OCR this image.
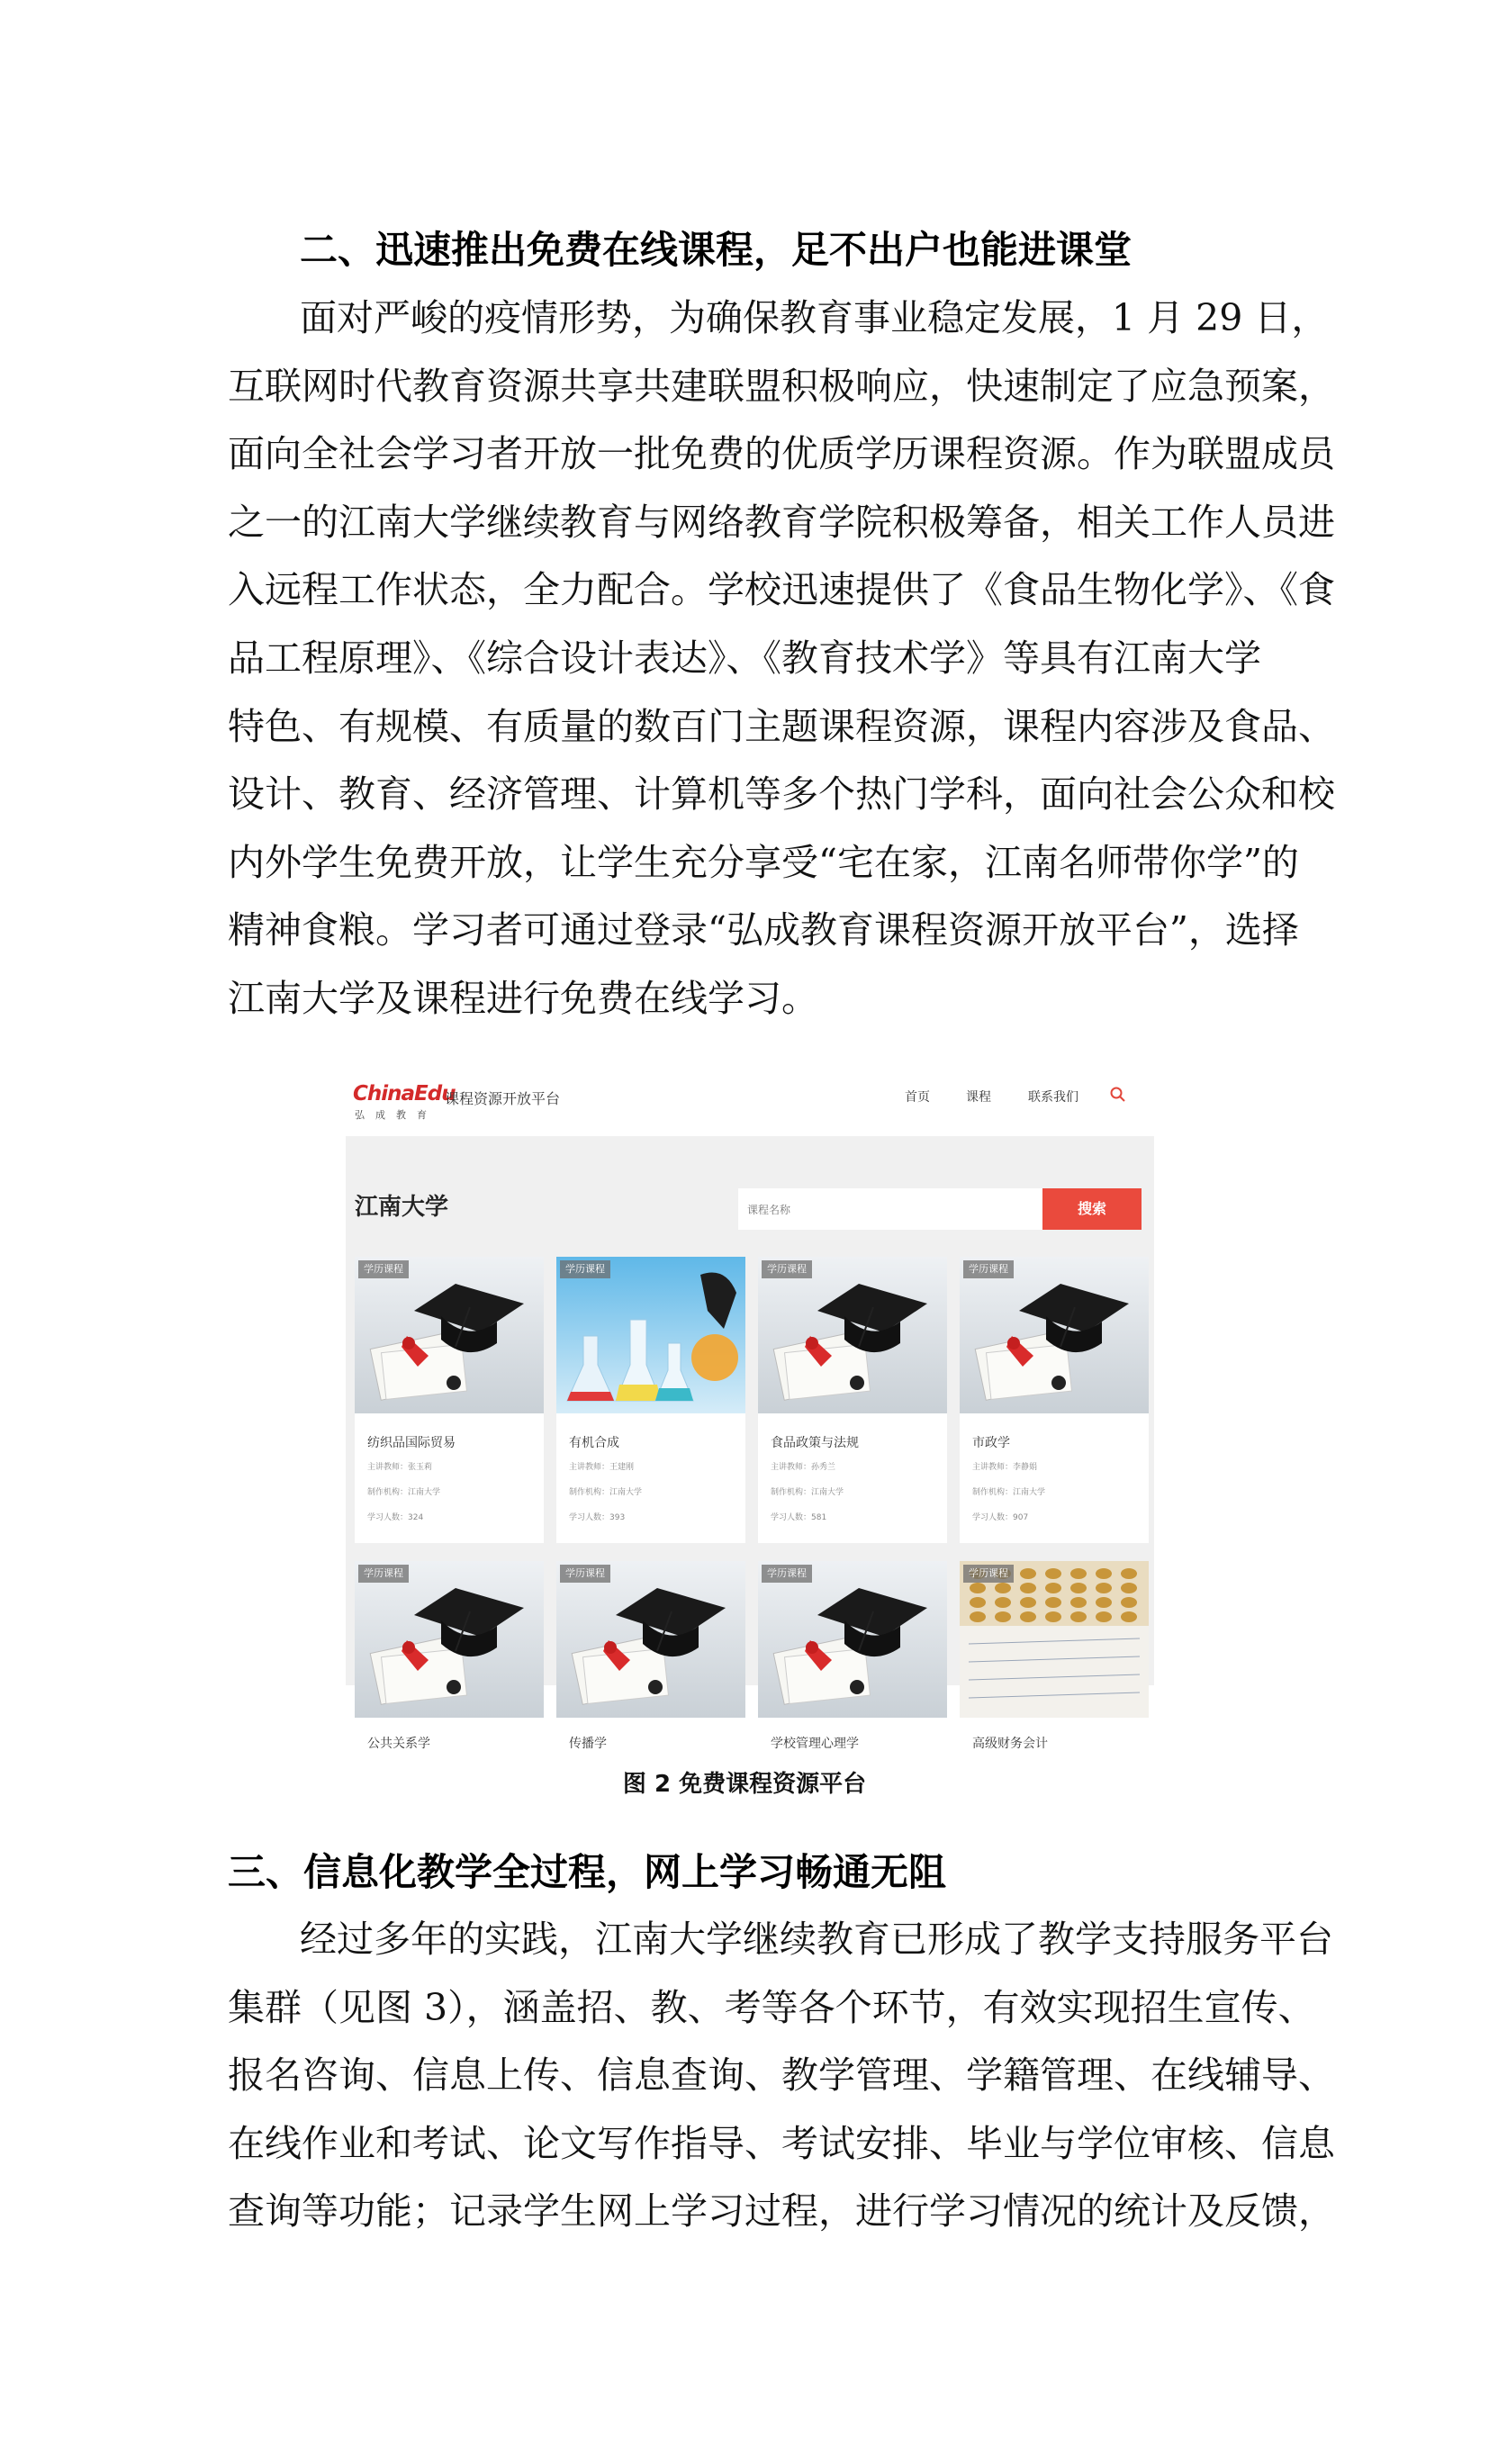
二、迅速推出免费在线课程，足不出户也能进课堂
面对严峻的疫情形势，为确保教育事业稳定发展，1 月 29 日，
互联网时代教育资源共享共建联盟积极响应，快速制定了应急预案，
面向全社会学习者开放一批免费的优质学历课程资源。作为联盟成员
之一的江南大学继续教育与网络教育学院积极筹备，相关工作人员进
入远程工作状态，全力配合。学校迅速提供了《食品生物化学》、《食
品工程原理》、《综合设计表达》、《教育技术学》等具有江南大学
特色、有规模、有质量的数百门主题课程资源，课程内容涉及食品、
设计、教育、经济管理、计算机等多个热门学科，面向社会公众和校
内外学生免费开放，让学生充分享受“宅在家，江南名师带你学”的
精神食粮。学习者可通过登录“弘成教育课程资源开放平台”，选择
江南大学及课程进行免费在线学习。
ChinaEdu
弘成教育
课程资源开放平台	首页	课程	联系我们
江南大学
课程名称	搜索
学历课程
纺织品国际贸易
主讲教师：张玉莉
制作机构：江南大学
学习人数：324
学历课程
有机合成
主讲教师：王建刚
制作机构：江南大学
学习人数：393
学历课程
食品政策与法规
主讲教师：孙秀兰
制作机构：江南大学
学习人数：581
学历课程
市政学
主讲教师：李静娟
制作机构：江南大学
学习人数：907
学历课程
公共关系学
学历课程
传播学
学历课程
学校管理心理学
学历课程
高级财务会计
图 2 免费课程资源平台
三、信息化教学全过程，网上学习畅通无阻
经过多年的实践，江南大学继续教育已形成了教学支持服务平台
集群（见图 3），涵盖招、教、考等各个环节，有效实现招生宣传、
报名咨询、信息上传、信息查询、教学管理、学籍管理、在线辅导、
在线作业和考试、论文写作指导、考试安排、毕业与学位审核、信息
查询等功能；记录学生网上学习过程，进行学习情况的统计及反馈，
